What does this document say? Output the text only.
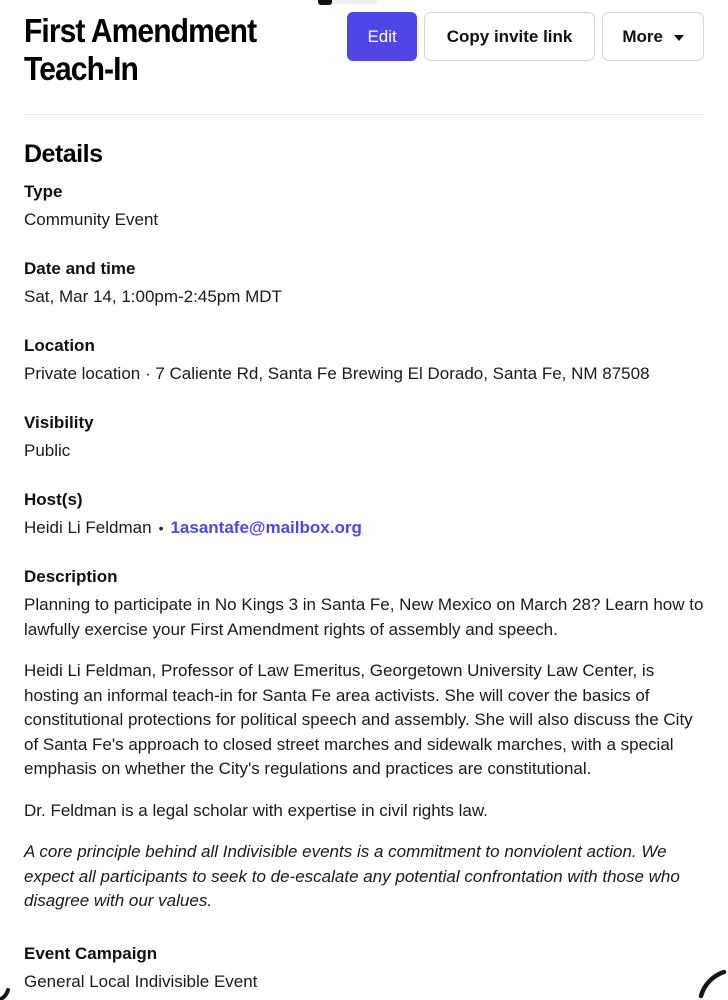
First Amendment Teach-In
Edit	Copy invite link	More
Details
Type
Community Event
Date and time
Sat, Mar 14, 1:00pm-2:45pm MDT
Location
Private location · 7 Caliente Rd, Santa Fe Brewing El Dorado, Santa Fe, NM 87508
Visibility
Public
Host(s)
Heidi Li Feldman • 1asantafe@mailbox.org
Description

Planning to participate in No Kings 3 in Santa Fe, New Mexico on March 28? Learn how to lawfully exercise your First Amendment rights of assembly and speech.

Heidi Li Feldman, Professor of Law Emeritus, Georgetown University Law Center, is hosting an informal teach-in for Santa Fe area activists. She will cover the basics of constitutional protections for political speech and assembly. She will also discuss the City of Santa Fe's approach to closed street marches and sidewalk marches, with a special emphasis on whether the City's regulations and practices are constitutional.

Dr. Feldman is a legal scholar with expertise in civil rights law.

A core principle behind all Indivisible events is a commitment to nonviolent action. We expect all participants to seek to de-escalate any potential confrontation with those who disagree with our values.

Event Campaign
General Local Indivisible Event
